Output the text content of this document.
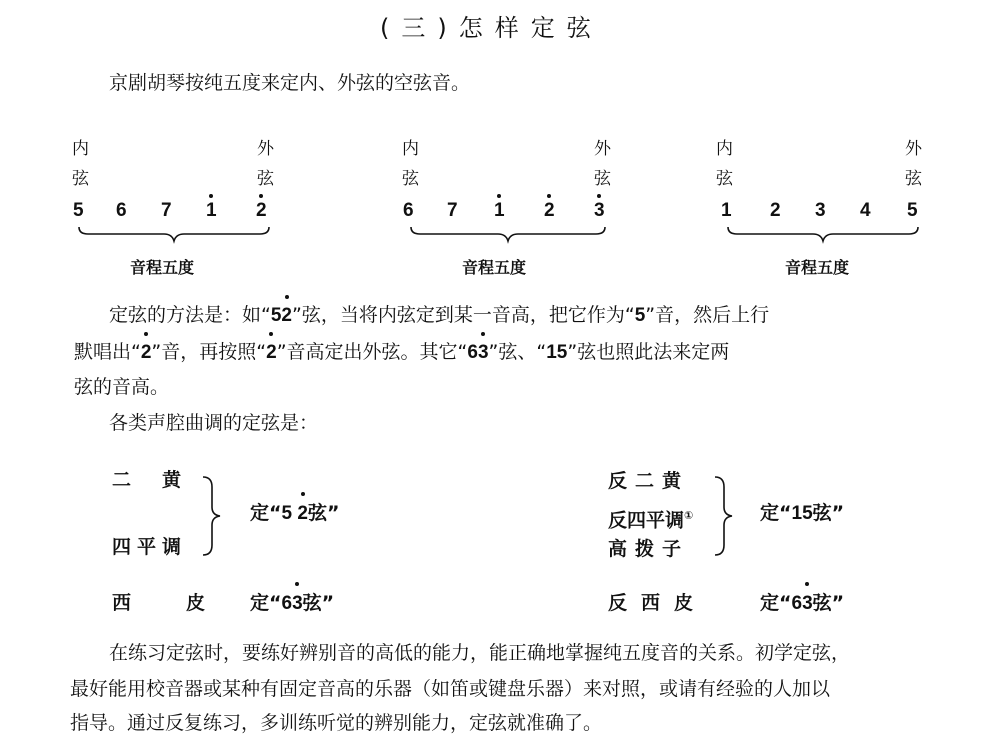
(三)怎样定弦
京剧胡琴按纯五度来定内、外弦的空弦音。
内
弦
外
弦
5 6 7 1 2
音程五度
内
弦
外
弦
6 7 1 2 3
音程五度
内
弦
外
弦
1 2 3 4 5
音程五度
定弦的方法是：如“52”弦，当将内弦定到某一音高，把它作为“5”音，然后上行
默唱出“2”音，再按照“2”音高定出外弦。其它“63”弦、“15”弦也照此法来定两
弦的音高。
各类声腔曲调的定弦是：
二　黄
四平调
定“5 2弦”
西　皮 定“63弦”
反二黄
反四平调①
高拨子
定“15弦”
反西皮	定“63弦”
在练习定弦时，要练好辨别音的高低的能力，能正确地掌握纯五度音的关系。初学定弦，
最好能用校音器或某种有固定音高的乐器（如笛或键盘乐器）来对照，或请有经验的人加以
指导。通过反复练习，多训练听觉的辨别能力，定弦就准确了。
